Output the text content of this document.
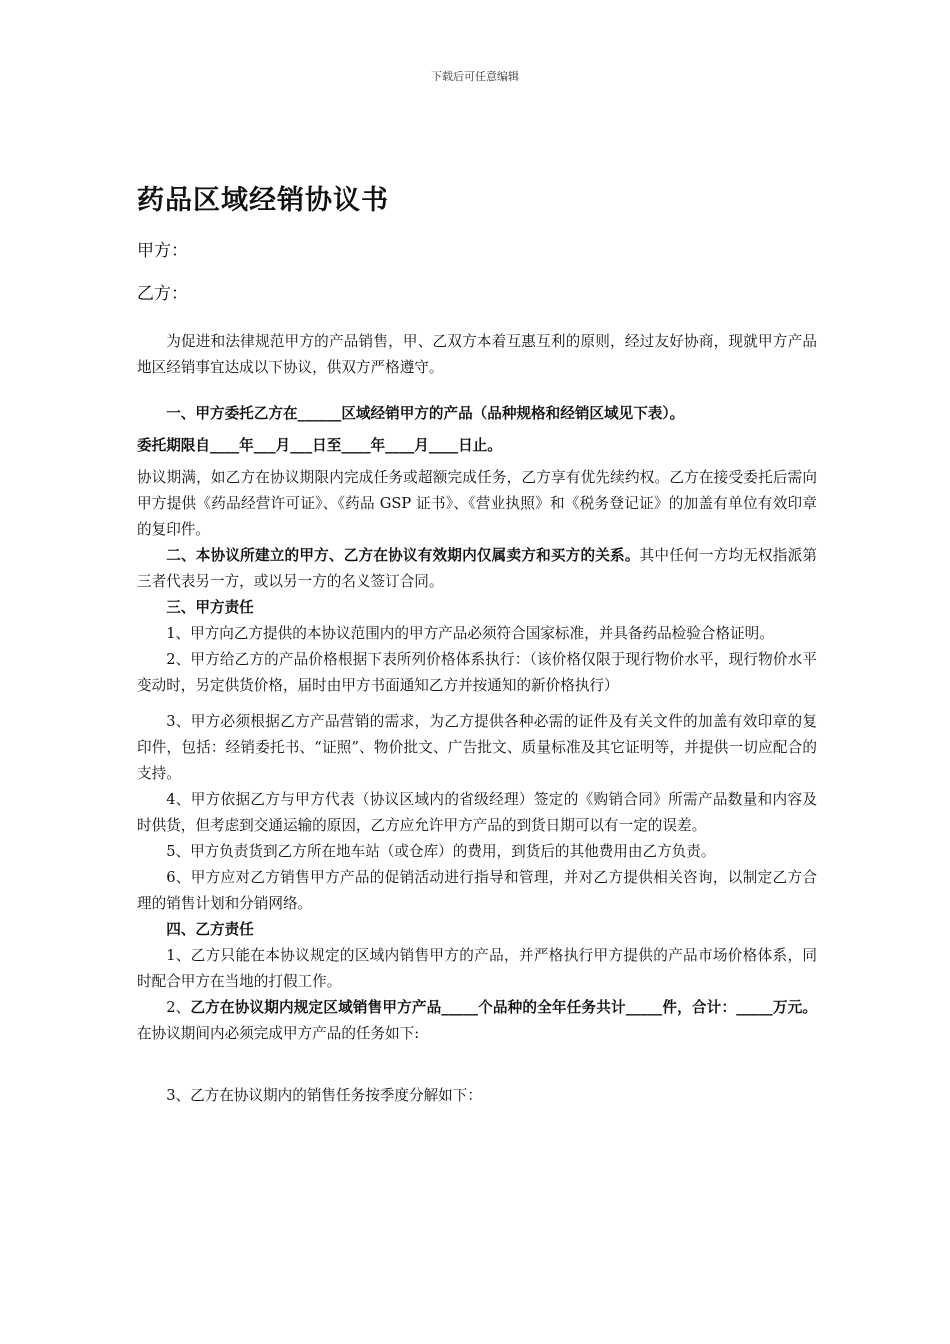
下载后可任意编辑
药品区域经销协议书
甲方：
乙方：

为促进和法律规范甲方的产品销售，甲、乙双方本着互惠互利的原则，经过友好协商，现就甲方产品地区经销事宜达成以下协议，供双方严格遵守。

一、甲方委托乙方在______区域经销甲方的产品（品种规格和经销区域见下表）。

委托期限自____年___月___日至____年____月____日止。

协议期满，如乙方在协议期限内完成任务或超额完成任务，乙方享有优先续约权。乙方在接受委托后需向甲方提供《药品经营许可证》、《药品 GSP 证书》、《营业执照》和《税务登记证》的加盖有单位有效印章的复印件。

二、本协议所建立的甲方、乙方在协议有效期内仅属卖方和买方的关系。其中任何一方均无权指派第三者代表另一方，或以另一方的名义签订合同。

三、甲方责任

1、甲方向乙方提供的本协议范围内的甲方产品必须符合国家标准，并具备药品检验合格证明。

2、甲方给乙方的产品价格根据下表所列价格体系执行：（该价格仅限于现行物价水平，现行物价水平变动时，另定供货价格，届时由甲方书面通知乙方并按通知的新价格执行）

3、甲方必须根据乙方产品营销的需求，为乙方提供各种必需的证件及有关文件的加盖有效印章的复印件，包括：经销委托书、“证照”、物价批文、广告批文、质量标准及其它证明等，并提供一切应配合的支持。

4、甲方依据乙方与甲方代表（协议区域内的省级经理）签定的《购销合同》所需产品数量和内容及时供货，但考虑到交通运输的原因，乙方应允许甲方产品的到货日期可以有一定的误差。

5、甲方负责货到乙方所在地车站（或仓库）的费用，到货后的其他费用由乙方负责。

6、甲方应对乙方销售甲方产品的促销活动进行指导和管理，并对乙方提供相关咨询，以制定乙方合理的销售计划和分销网络。

四、乙方责任

1、乙方只能在本协议规定的区域内销售甲方的产品，并严格执行甲方提供的产品市场价格体系，同时配合甲方在当地的打假工作。

2、乙方在协议期内规定区域销售甲方产品_____个品种的全年任务共计_____件，合计：_____万元。在协议期间内必须完成甲方产品的任务如下:

3、乙方在协议期内的销售任务按季度分解如下：
